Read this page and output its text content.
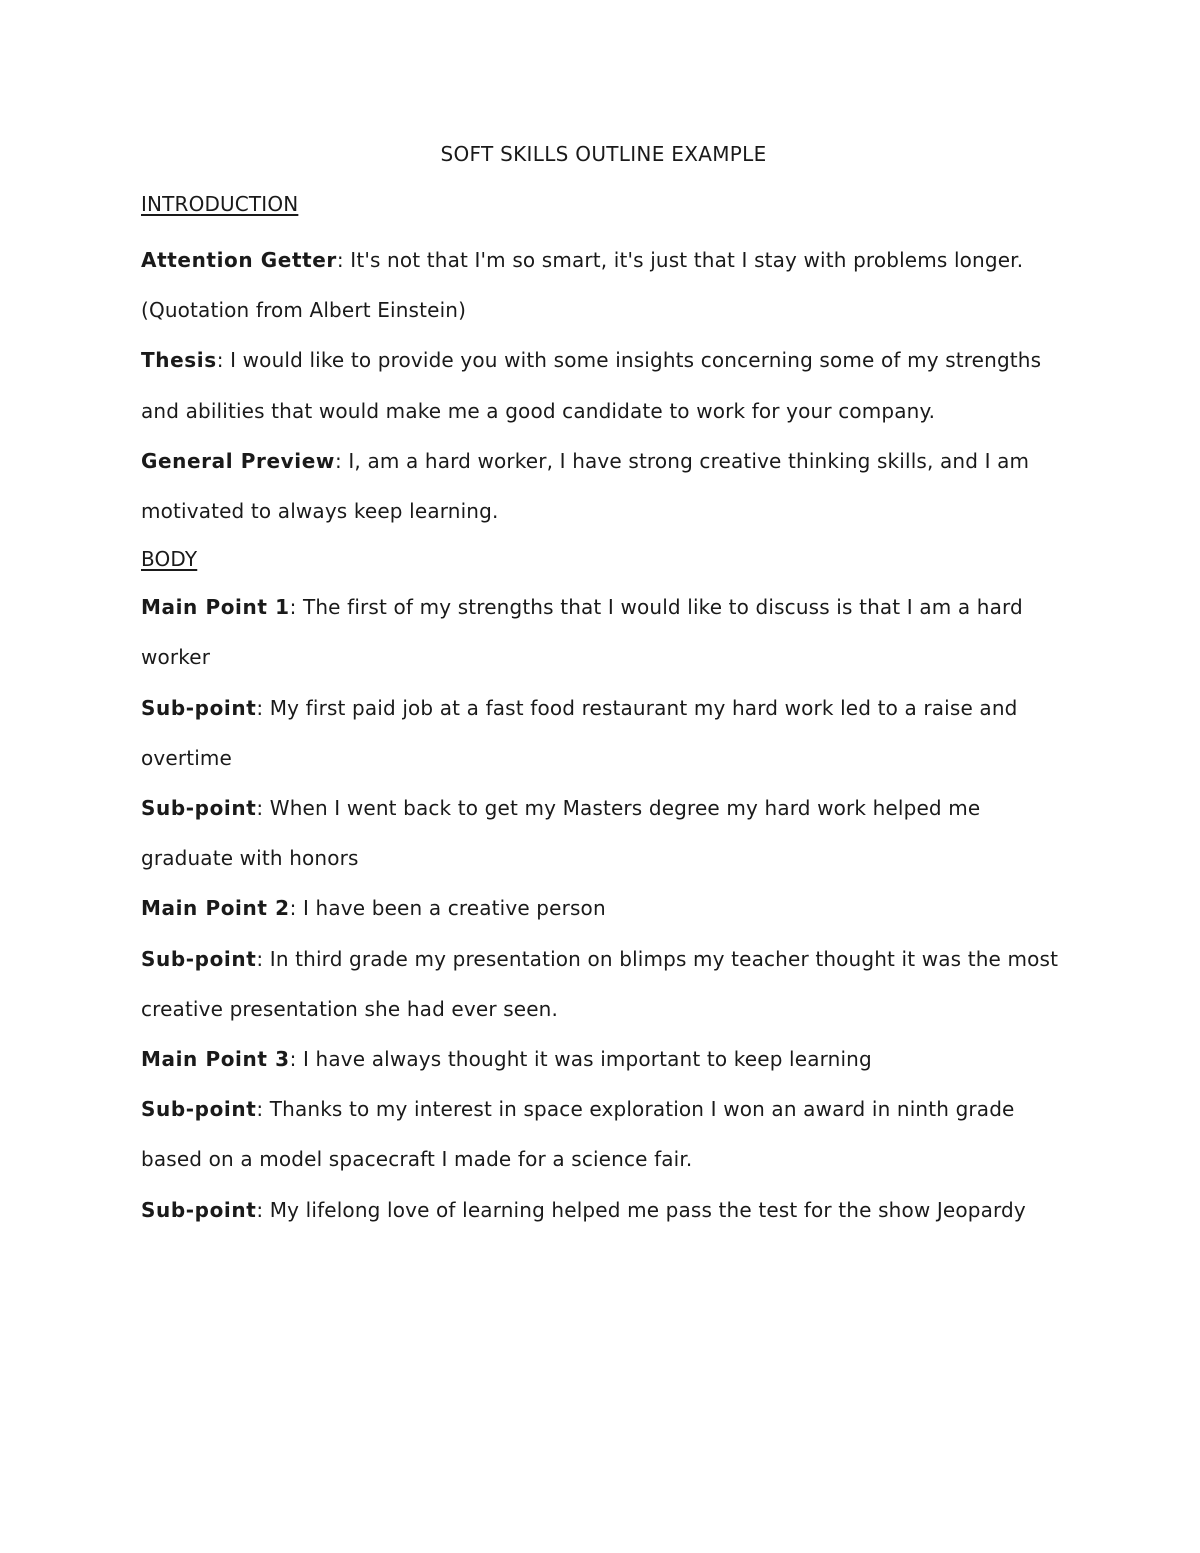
SOFT SKILLS OUTLINE EXAMPLE

INTRODUCTION

Attention Getter: It's not that I'm so smart, it's just that I stay with problems longer. (Quotation from Albert Einstein)

Thesis: I would like to provide you with some insights concerning some of my strengths and abilities that would make me a good candidate to work for your company.

General Preview: I, am a hard worker, I have strong creative thinking skills, and I am motivated to always keep learning.

BODY

Main Point 1: The first of my strengths that I would like to discuss is that I am a hard worker

Sub-point: My first paid job at a fast food restaurant my hard work led to a raise and overtime

Sub-point: When I went back to get my Masters degree my hard work helped me graduate with honors

Main Point 2: I have been a creative person

Sub-point: In third grade my presentation on blimps my teacher thought it was the most creative presentation she had ever seen.

Main Point 3: I have always thought it was important to keep learning

Sub-point: Thanks to my interest in space exploration I won an award in ninth grade based on a model spacecraft I made for a science fair.

Sub-point: My lifelong love of learning helped me pass the test for the show Jeopardy
